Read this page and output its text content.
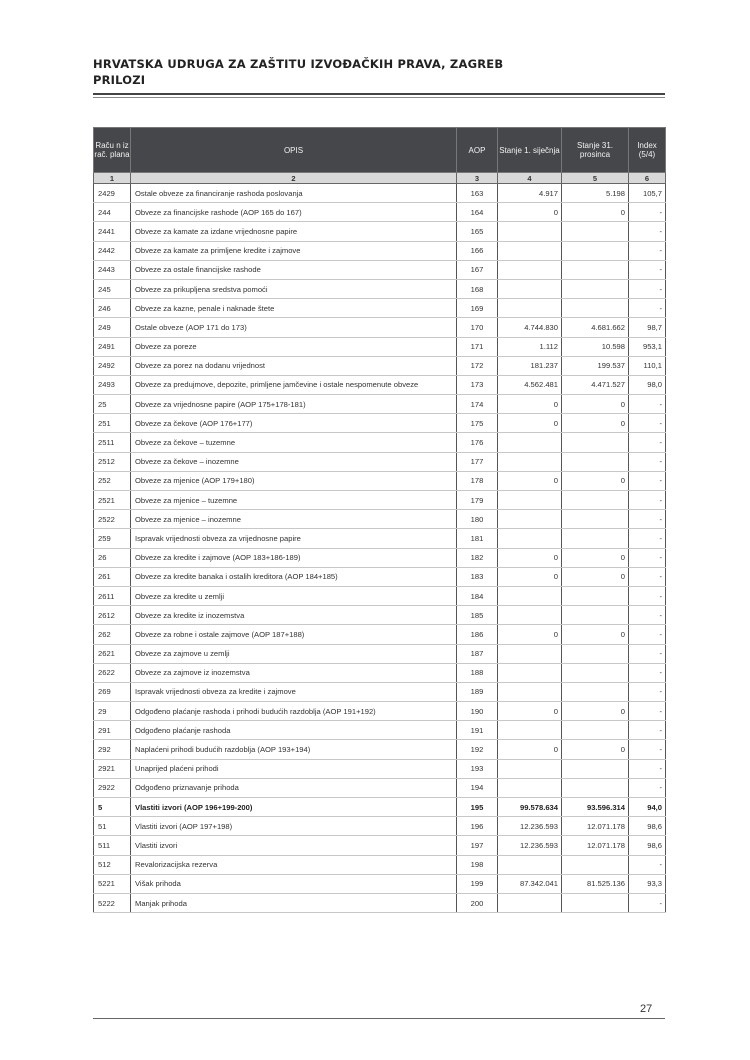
HRVATSKA UDRUGA ZA ZAŠTITU IZVOĐAČKIH PRAVA, ZAGREB
PRILOZI
Raču n iz rač. plana	OPIS	AOP	Stanje 1. siječnja	Stanje 31. prosinca	Index (5/4)
1	2	3	4	5	6
2429	Ostale obveze za financiranje rashoda poslovanja	163	4.917	5.198	105,7
244	Obveze za financijske rashode (AOP 165 do 167)	164	0	0	-
2441	Obveze za kamate za izdane vrijednosne papire	165			-
2442	Obveze za kamate za primljene kredite i zajmove	166			-
2443	Obveze za ostale financijske rashode	167			-
245	Obveze za prikupljena sredstva pomoći	168			-
246	Obveze za kazne, penale i naknade štete	169			-
249	Ostale obveze (AOP 171 do 173)	170	4.744.830	4.681.662	98,7
2491	Obveze za poreze	171	1.112	10.598	953,1
2492	Obveze za porez na dodanu vrijednost	172	181.237	199.537	110,1
2493	Obveze za predujmove, depozite, primljene jamčevine i ostale nespomenute obveze	173	4.562.481	4.471.527	98,0
25	Obveze za vrijednosne papire (AOP 175+178-181)	174	0	0	-
251	Obveze za čekove (AOP 176+177)	175	0	0	-
2511	Obveze za čekove – tuzemne	176			-
2512	Obveze za čekove – inozemne	177			-
252	Obveze za mjenice (AOP 179+180)	178	0	0	-
2521	Obveze za mjenice – tuzemne	179			-
2522	Obveze za mjenice – inozemne	180			-
259	Ispravak vrijednosti obveza za vrijednosne papire	181			-
26	Obveze za kredite i zajmove (AOP 183+186-189)	182	0	0	-
261	Obveze za kredite banaka i ostalih kreditora (AOP 184+185)	183	0	0	-
2611	Obveze za kredite u zemlji	184			-
2612	Obveze za kredite iz inozemstva	185			-
262	Obveze za robne i ostale zajmove (AOP 187+188)	186	0	0	-
2621	Obveze za zajmove u zemlji	187			-
2622	Obveze za zajmove iz inozemstva	188			-
269	Ispravak vrijednosti obveza za kredite i zajmove	189			-
29	Odgođeno plaćanje rashoda i prihodi budućih razdoblja (AOP 191+192)	190	0	0	-
291	Odgođeno plaćanje rashoda	191			-
292	Naplaćeni prihodi budućih razdoblja (AOP 193+194)	192	0	0	-
2921	Unaprijed plaćeni prihodi	193			-
2922	Odgođeno priznavanje prihoda	194			-
5	Vlastiti izvori (AOP 196+199-200)	195	99.578.634	93.596.314	94,0
51	Vlastiti izvori (AOP 197+198)	196	12.236.593	12.071.178	98,6
511	Vlastiti izvori	197	12.236.593	12.071.178	98,6
512	Revalorizacijska rezerva	198			-
5221	Višak prihoda	199	87.342.041	81.525.136	93,3
5222	Manjak prihoda	200			-
27
